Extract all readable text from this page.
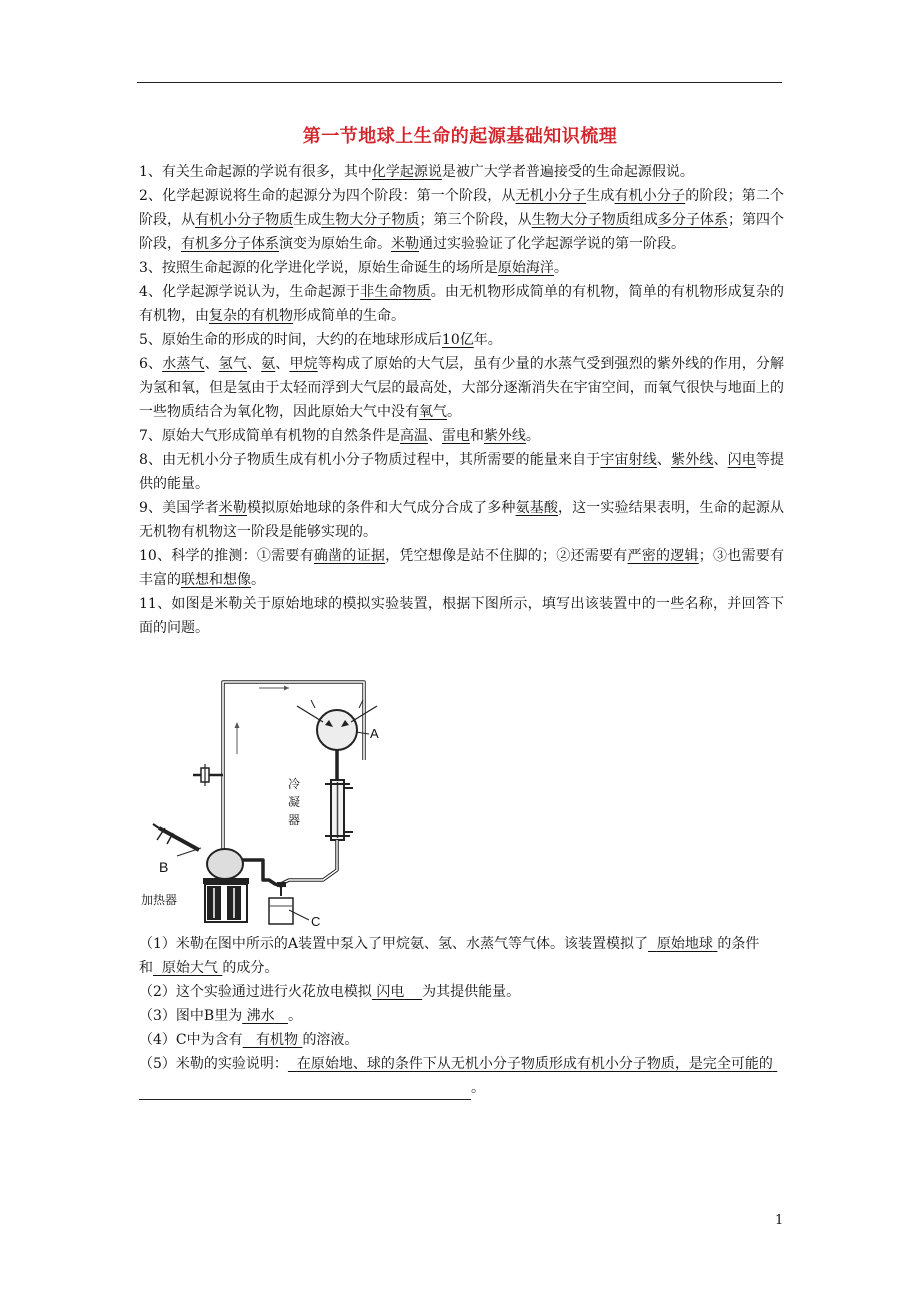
第一节地球上生命的起源基础知识梳理

1、有关生命起源的学说有很多，其中化学起源说是被广大学者普遍接受的生命起源假说。

2、化学起源说将生命的起源分为四个阶段：第一个阶段，从无机小分子生成有机小分子的阶段；第二个阶段，从有机小分子物质生成生物大分子物质；第三个阶段，从生物大分子物质组成多分子体系；第四个阶段，有机多分子体系演变为原始生命。米勒通过实验验证了化学起源学说的第一阶段。

3、按照生命起源的化学进化学说，原始生命诞生的场所是原始海洋。

4、化学起源学说认为，生命起源于非生命物质。由无机物形成简单的有机物，简单的有机物形成复杂的有机物，由复杂的有机物形成简单的生命。

5、原始生命的形成的时间，大约的在地球形成后10亿年。

6、水蒸气、氢气、氨、甲烷等构成了原始的大气层，虽有少量的水蒸气受到强烈的紫外线的作用，分解为氢和氧，但是氢由于太轻而浮到大气层的最高处，大部分逐渐消失在宇宙空间，而氧气很快与地面上的一些物质结合为氧化物，因此原始大气中没有氧气。

7、原始大气形成简单有机物的自然条件是高温、雷电和紫外线。

8、由无机小分子物质生成有机小分子物质过程中，其所需要的能量来自于宇宙射线、紫外线、闪电等提供的能量。

9、美国学者米勒模拟原始地球的条件和大气成分合成了多种氨基酸，这一实验结果表明，生命的起源从无机物有机物这一阶段是能够实现的。

10、科学的推测：①需要有确凿的证据，凭空想像是站不住脚的；②还需要有严密的逻辑；③也需要有丰富的联想和想像。

11、如图是米勒关于原始地球的模拟实验装置，根据下图所示，填写出该装置中的一些名称，并回答下面的问题。

A
冷
凝
器
C
B
加热器

（1）米勒在图中所示的A装置中泵入了甲烷氨、氢、水蒸气等气体。该装置模拟了 原始地球 的条件和 原始大气 的成分。

（2）这个实验通过进行火花放电模拟 闪电 为其提供能量。

（3）图中B里为 沸水 。

（4）C中为含有 有机物 的溶液。

（5）米勒的实验说明： 在原始地、球的条件下从无机小分子物质形成有机小分子物质，是完全可能的 。

1
